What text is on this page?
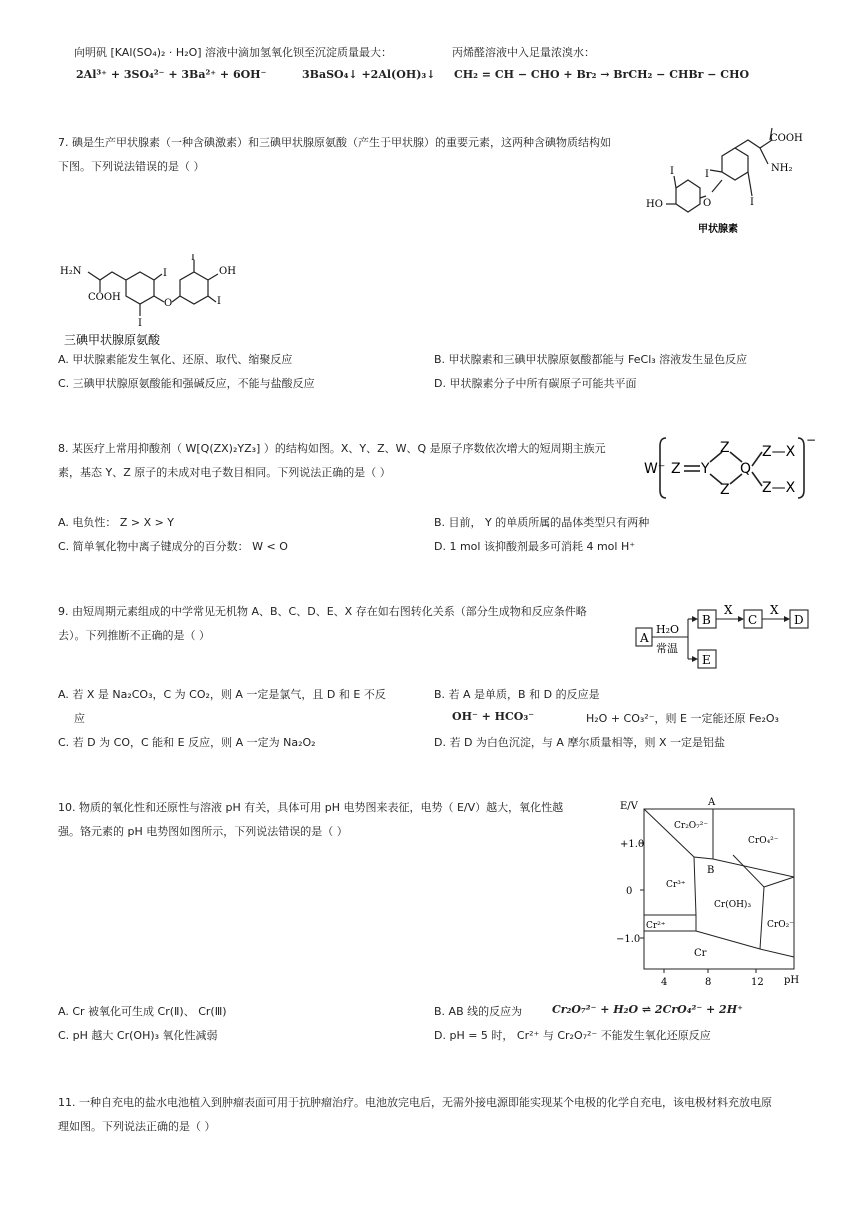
向明矾 [KAl(SO₄)₂ · H₂O] 溶液中滴加氢氧化钡至沉淀质量最大：
2Al³⁺ + 3SO₄²⁻ + 3Ba²⁺ + 6OH⁻	3BaSO₄↓ +2Al(OH)₃↓
丙烯醛溶液中入足量浓溴水：
CH₂ = CH − CHO + Br₂ → BrCH₂ − CHBr − CHO
7. 碘是生产甲状腺素（一种含碘激素）和三碘甲状腺原氨酸（产生于甲状腺）的重要元素，这两种含碘物质结构如
下图。下列说法错误的是（ ）
COOH
NH₂
I
I
I
O
HO
甲状腺素
H₂N
COOH
I
I
I
I
O
OH
三碘甲状腺原氨酸
A. 甲状腺素能发生氧化、还原、取代、缩聚反应	B. 甲状腺素和三碘甲状腺原氨酸都能与 FeCl₃ 溶液发生显色反应
C. 三碘甲状腺原氨酸能和强碱反应，不能与盐酸反应	D. 甲状腺素分子中所有碳原子可能共平面
8. 某医疗上常用抑酸剂（ W[Q(ZX)₂YZ₃] ）的结构如图。X、Y、Z、W、Q 是原子序数依次增大的短周期主族元
素，基态 Y、Z 原子的未成对电子数目相同。下列说法正确的是（ ）	W⁻ Z Y
Z
Z
Q
Z—X
Z—X
−
A. 电负性： Z > X > Y	B. 目前， Y 的单质所属的晶体类型只有两种
C. 简单氧化物中离子键成分的百分数： W < O	D. 1 mol 该抑酸剂最多可消耗 4 mol H⁺
9. 由短周期元素组成的中学常见无机物 A、B、C、D、E、X 存在如右图转化关系（部分生成物和反应条件略
去）。下列推断不正确的是（ ）	A
B	C	D
E
X	X
H₂O
常温
A. 若 X 是 Na₂CO₃，C 为 CO₂，则 A 一定是氯气，且 D 和 E 不反
应
B. 若 A 是单质，B 和 D 的反应是
OH⁻ + HCO₃⁻	H₂O + CO₃²⁻，则 E 一定能还原 Fe₂O₃
C. 若 D 为 CO，C 能和 E 反应，则 A 一定为 Na₂O₂	D. 若 D 为白色沉淀，与 A 摩尔质量相等，则 X 一定是铝盐
10. 物质的氧化性和还原性与溶液 pH 有关，具体可用 pH 电势图来表征，电势（ E/V）越大，氧化性越
强。铬元素的 pH 电势图如图所示，下列说法错误的是（ ）
E/V
+1.0
0
−1.0
4	8	12 pH
A
B
Cr₂O₇²⁻
CrO₄²⁻
Cr³⁺
Cr(OH)₃
CrO₂⁻
Cr²⁺
Cr
A. Cr 被氧化可生成 Cr(Ⅱ)、 Cr(Ⅲ)	B. AB 线的反应为	Cr₂O₇²⁻ + H₂O ⇌ 2CrO₄²⁻ + 2H⁺
C. pH 越大 Cr(OH)₃ 氧化性减弱	D. pH = 5 时， Cr²⁺ 与 Cr₂O₇²⁻ 不能发生氧化还原反应
11. 一种自充电的盐水电池植入到肿瘤表面可用于抗肿瘤治疗。电池放完电后，无需外接电源即能实现某个电极的化学自充电，该电极材料充放电原
理如图。下列说法正确的是（ ）
